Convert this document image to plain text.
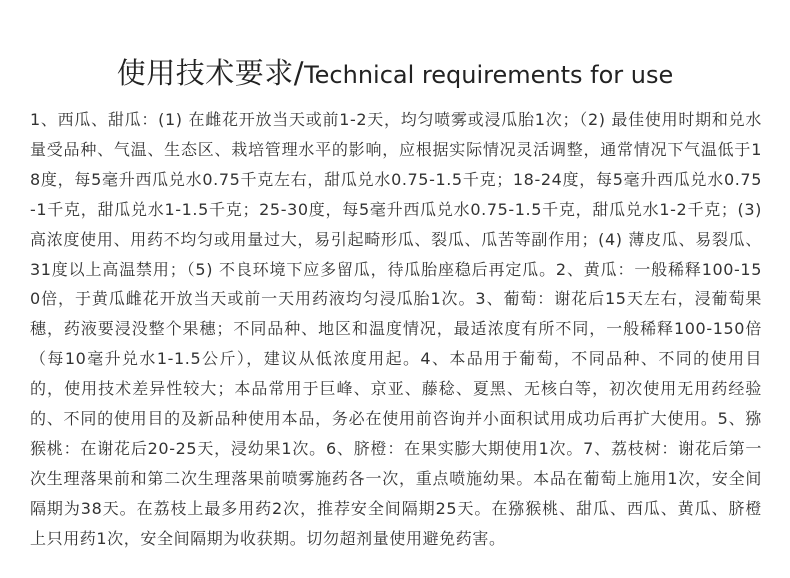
使用技术要求/Technical requirements for use

1、西瓜、甜瓜：(1) 在雌花开放当天或前1-2天，均匀喷雾或浸瓜胎1次；（2) 最佳使用时期和兑水量受品种、气温、生态区、栽培管理水平的影响，应根据实际情况灵活调整，通常情况下气温低于18度，每5毫升西瓜兑水0.75千克左右，甜瓜兑水0.75-1.5千克；18-24度，每5毫升西瓜兑水0.75-1千克，甜瓜兑水1-1.5千克；25-30度，每5毫升西瓜兑水0.75-1.5千克，甜瓜兑水1-2千克；(3) 高浓度使用、用药不均匀或用量过大，易引起畸形瓜、裂瓜、瓜苦等副作用；(4) 薄皮瓜、易裂瓜、31度以上高温禁用；（5) 不良环境下应多留瓜，待瓜胎座稳后再定瓜。2、黄瓜：一般稀释100-150倍，于黄瓜雌花开放当天或前一天用药液均匀浸瓜胎1次。3、葡萄：谢花后15天左右，浸葡萄果穗，药液要浸没整个果穗；不同品种、地区和温度情况，最适浓度有所不同，一般稀释100-150倍（每10毫升兑水1-1.5公斤），建议从低浓度用起。4、本品用于葡萄，不同品种、不同的使用目的，使用技术差异性较大；本品常用于巨峰、京亚、藤稔、夏黑、无核白等，初次使用无用药经验的、不同的使用目的及新品种使用本品，务必在使用前咨询并小面积试用成功后再扩大使用。5、猕猴桃：在谢花后20-25天，浸幼果1次。6、脐橙：在果实膨大期使用1次。7、荔枝树：谢花后第一次生理落果前和第二次生理落果前喷雾施药各一次，重点喷施幼果。本品在葡萄上施用1次，安全间隔期为38天。在荔枝上最多用药2次，推荐安全间隔期25天。在猕猴桃、甜瓜、西瓜、黄瓜、脐橙上只用药1次，安全间隔期为收获期。切勿超剂量使用避免药害。
